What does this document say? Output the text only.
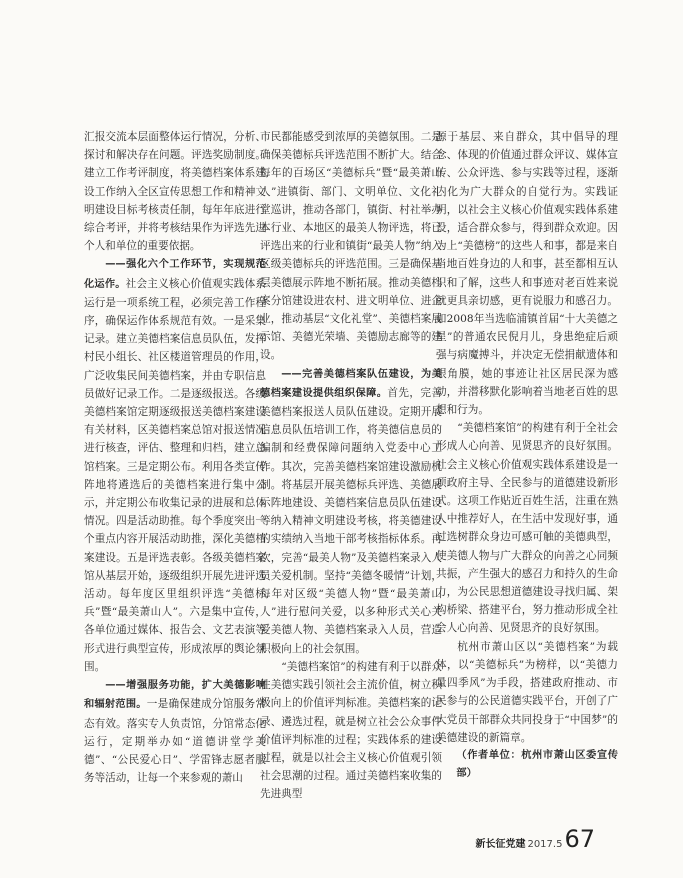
汇报交流本层面整体运行情况，分析、探讨和解决存在问题。评选奖励制度。建立工作考评制度，将美德档案体系建设工作纳入全区宣传思想工作和精神文明建设目标考核责任制，每年年底进行综合考评，并将考核结果作为评选先进个人和单位的重要依据。

——强化六个工作环节，实现规范化运作。社会主义核心价值观实践体系运行是一项系统工程，必须完善工作程序，确保运作体系规范有效。一是采集记录。建立美德档案信息员队伍，发挥村民小组长、社区楼道管理员的作用，广泛收集民间美德档案，并由专职信息员做好记录工作。二是逐级报送。各级美德档案馆定期逐级报送美德档案建设有关材料，区美德档案总馆对报送情况进行核查，评估、整理和归档，建立总馆档案。三是定期公布。利用各类宣传阵地将遴选后的美德档案进行集中公示，并定期公布收集记录的进展和总体情况。四是活动助推。每个季度突出一个重点内容开展活动助推，深化美德档案建设。五是评选表彰。各级美德档案馆从基层开始，逐级组织开展先进评选活动。每年度区里组织评选“美德标兵”暨“最美萧山人”。六是集中宣传，各单位通过媒体、报告会、文艺表演等形式进行典型宣传，形成浓厚的舆论氛围。

——增强服务功能，扩大美德影响和辐射范围。一是确保建成分馆服务常态有效。落实专人负责馆，分馆常态化运行，定期举办如“道德讲堂学美德”、“公民爱心日”、学雷锋志愿者服务等活动，让每一个来参观的萧山

市民都能感受到浓厚的美德氛围。二是确保美德标兵评选范围不断扩大。结合每年的百场区“美德标兵”暨“最美萧山人”进镇街、部门、文明单位、文化礼堂巡讲，推动各部门，镇街、村社举办本行业、本地区的最美人物评选，将已评选出来的行业和镇街“最美人物”纳入区级美德标兵的评选范围。三是确保基层美德展示阵地不断拓展。推动美德档案分馆建设进农村、进文明单位、进企业，推动基层“文化礼堂”、美德档案展示馆、美德光荣墙、美德励志廊等的建设。

——完善美德档案队伍建设，为美德档案建设提供组织保障。首先，完善美德档案报送人员队伍建设。定期开展信息员队伍培训工作，将美德信息员的编制和经费保障问题纳入党委中心工作。其次，完善美德档案馆建设激励机制。将基层开展美德标兵评选、美德展示阵地建设、美德档案信息员队伍建设等纳入精神文明建设考核，将美德建设的实绩纳入当地干部考核指标体系。再次，完善“最美人物”及美德档案录入人员关爱机制。坚持“美德冬暖情”计划，每年对区级“美德人物”暨“最美萧山人”进行慰问关爱，以多种形式关心关爱美德人物、美德档案录入人员，营造积极向上的社会氛围。

“美德档案馆”的构建有利于以群众性美德实践引领社会主流价值，树立积极向上的价值评判标准。美德档案的记录、遴选过程，就是树立社会公众事件价值评判标准的过程；实践体系的建设过程，就是以社会主义核心价值观引领社会思潮的过程。通过美德档案收集的先进典型

源于基层、来自群众，其中倡导的理念、体现的价值通过群众评议、媒体宣传、公众评选、参与实践等过程，逐渐内化为广大群众的自觉行为。实践证明，以社会主义核心价值观实践体系建设，适合群众参与，得到群众欢迎。因为上“美德榜”的这些人和事，都是来自当地百姓身边的人和事，甚至都相互认识和了解，这些人和事迹对老百姓来说就更具亲切感，更有说服力和感召力。如2008年当选临浦镇首届“十大美德之星”的普通农民倪月儿，身患绝症后顽强与病魔搏斗，并决定无偿捐献遗体和眼角膜，她的事迹让社区居民深为感动，并潜移默化影响着当地老百姓的思想和行为。

“美德档案馆”的构建有利于全社会形成人心向善、见贤思齐的良好氛围。社会主义核心价值观实践体系建设是一项政府主导、全民参与的道德建设新形式。这项工作贴近百姓生活，注重在熟人中推荐好人，在生活中发现好事，通过选树群众身边可感可触的美德典型，使美德人物与广大群众的向善之心同频共振，产生强大的感召力和持久的生命力，为公民思想道德建设寻找归属、架构桥梁、搭建平台，努力推动形成全社会人心向善、见贤思齐的良好氛围。

杭州市萧山区以“美德档案”为载体，以“美德标兵”为榜样，以“美德力量四季风”为手段，搭建政府推动、市民参与的公民道德实践平台，开创了广大党员干部群众共同投身于“中国梦”的美德建设的新篇章。

（作者单位：杭州市萧山区委宣传部）

新长征党建 2017.5 67
